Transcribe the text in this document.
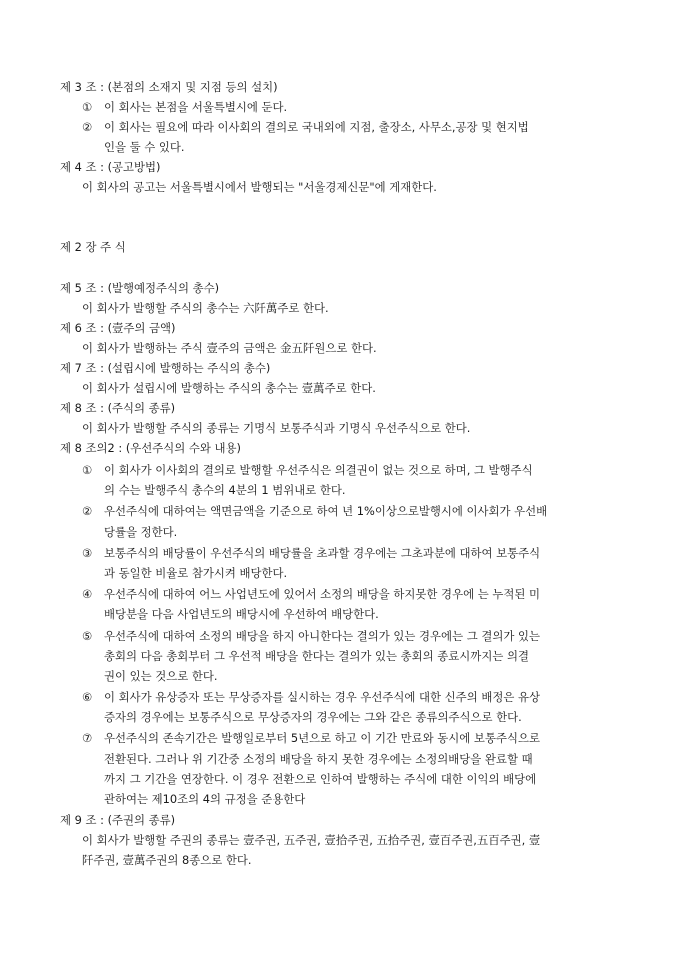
제 3 조 : (본점의 소재지 및 지점 등의 설치)
①	이 회사는 본점을 서울특별시에 둔다.
②	이 회사는 필요에 따라 이사회의 결의로 국내외에 지점, 출장소, 사무소,공장 및 현지법
인을 둘 수 있다.
제 4 조 : (공고방법)
이 회사의 공고는 서울특별시에서 발행되는 "서울경제신문"에 게재한다.
제 2 장 주 식
제 5 조 : (발행예정주식의 총수)
이 회사가 발행할 주식의 총수는 六阡萬주로 한다.
제 6 조 : (壹주의 금액)
이 회사가 발행하는 주식 壹주의 금액은 金五阡원으로 한다.
제 7 조 : (설립시에 발행하는 주식의 총수)
이 회사가 설립시에 발행하는 주식의 총수는 壹萬주로 한다.
제 8 조 : (주식의 종류)
이 회사가 발행할 주식의 종류는 기명식 보통주식과 기명식 우선주식으로 한다.
제 8 조의2 : (우선주식의 수와 내용)
①	이 회사가 이사회의 결의로 발행할 우선주식은 의결권이 없는 것으로 하며, 그 발행주식
의 수는 발행주식 총수의 4분의 1 범위내로 한다.
②	우선주식에 대하여는 액면금액을 기준으로 하여 년 1%이상으로발행시에 이사회가 우선배
당률을 정한다.
③	보통주식의 배당률이 우선주식의 배당률을 초과할 경우에는 그초과분에 대하여 보통주식
과 동일한 비율로 참가시켜 배당한다.
④	우선주식에 대하여 어느 사업년도에 있어서 소정의 배당을 하지못한 경우에 는 누적된 미
배당분을 다음 사업년도의 배당시에 우선하여 배당한다.
⑤	우선주식에 대하여 소정의 배당을 하지 아니한다는 결의가 있는 경우에는 그 결의가 있는
총회의 다음 총회부터 그 우선적 배당을 한다는 결의가 있는 총회의 종료시까지는 의결
권이 있는 것으로 한다.
⑥	이 회사가 유상증자 또는 무상증자를 실시하는 경우 우선주식에 대한 신주의 배정은 유상
증자의 경우에는 보통주식으로 무상증자의 경우에는 그와 같은 종류의주식으로 한다.
⑦	우선주식의 존속기간은 발행일로부터 5년으로 하고 이 기간 만료와 동시에 보통주식으로
전환된다. 그러나 위 기간중 소정의 배당을 하지 못한 경우에는 소정의배당을 완료할 때
까지 그 기간을 연장한다. 이 경우 전환으로 인하여 발행하는 주식에 대한 이익의 배당에
관하여는 제10조의 4의 규정을 준용한다
제 9 조 : (주권의 종류)
이 회사가 발행할 주권의 종류는 壹주권, 五주권, 壹拾주권, 五拾주권, 壹百주권,五百주권, 壹
阡주권, 壹萬주권의 8종으로 한다.
